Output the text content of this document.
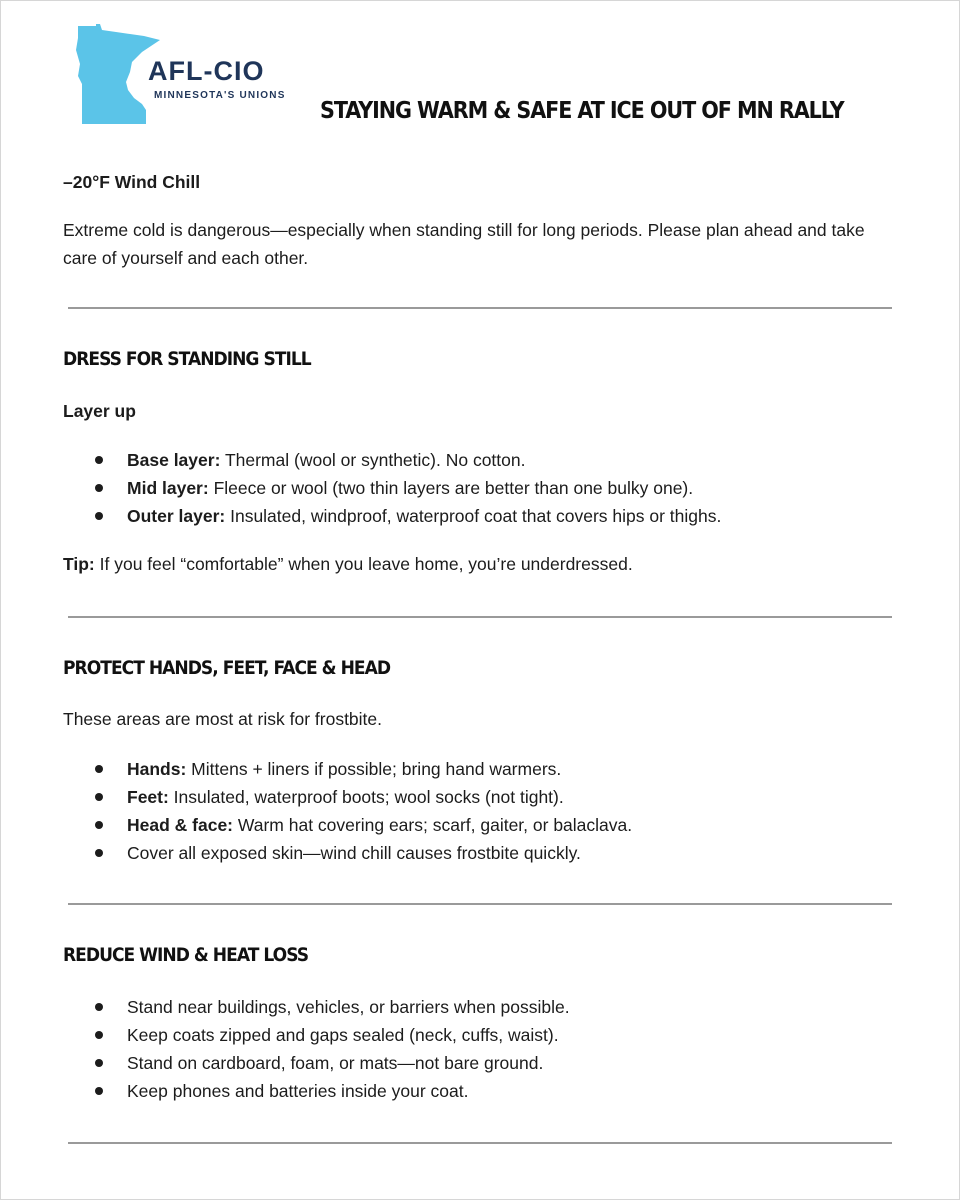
AFL-CIO
MINNESOTA'S UNIONS
STAYING WARM & SAFE AT ICE OUT OF MN RALLY

–20°F Wind Chill

Extreme cold is dangerous—especially when standing still for long periods. Please plan ahead and take care of yourself and each other.

DRESS FOR STANDING STILL

Layer up

Base layer: Thermal (wool or synthetic). No cotton.
Mid layer: Fleece or wool (two thin layers are better than one bulky one).
Outer layer: Insulated, windproof, waterproof coat that covers hips or thighs.

Tip: If you feel “comfortable” when you leave home, you’re underdressed.

PROTECT HANDS, FEET, FACE & HEAD

These areas are most at risk for frostbite.

Hands: Mittens + liners if possible; bring hand warmers.
Feet: Insulated, waterproof boots; wool socks (not tight).
Head & face: Warm hat covering ears; scarf, gaiter, or balaclava.
Cover all exposed skin—wind chill causes frostbite quickly.
REDUCE WIND & HEAT LOSS
Stand near buildings, vehicles, or barriers when possible.
Keep coats zipped and gaps sealed (neck, cuffs, waist).
Stand on cardboard, foam, or mats—not bare ground.
Keep phones and batteries inside your coat.
